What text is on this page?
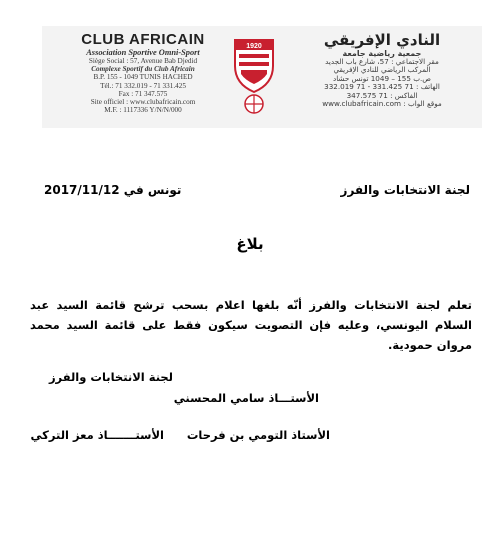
CLUB AFRICAIN
Association Sportive Omni-Sport
Siège Social : 57, Avenue Bab Djedid
Complexe Sportif du Club Africain
B.P. 155 - 1049 TUNIS HACHED
Tél.: 71 332.019 - 71 331.425
Fax : 71 347.575
Site officiel : www.clubafricain.com
M.F. : 1117336 Y/N/N/000
1920	النادي الإفريقي
جمعية رياضية جامعة
مقر الاجتماعي : 57، شارع باب الجديد
المركب الرياضي للنادي الإفريقي
ص.ب 155 – 1049 تونس حشاد
الهاتف : 71 331.425 - 71 332.019
الفاكس : 71 347.575
موقع الواب : www.clubafricain.com
لجنة الانتخابات والفرز
تونس في 2017/11/12
بلاغ
تعلم لجنة الانتخابات والفرز أنّه بلغها اعلام بسحب ترشح قائمة السيد عبد السلام اليونسي، وعليه فإن التصويت سيكون فقط على قائمة السيد محمد مروان حمودية.
لجنة الانتخابات والفرز
الأستـــاذ سامي المحسني
الأستاذ التومي بن فرحات
الأستـــــــاذ معز التركي
